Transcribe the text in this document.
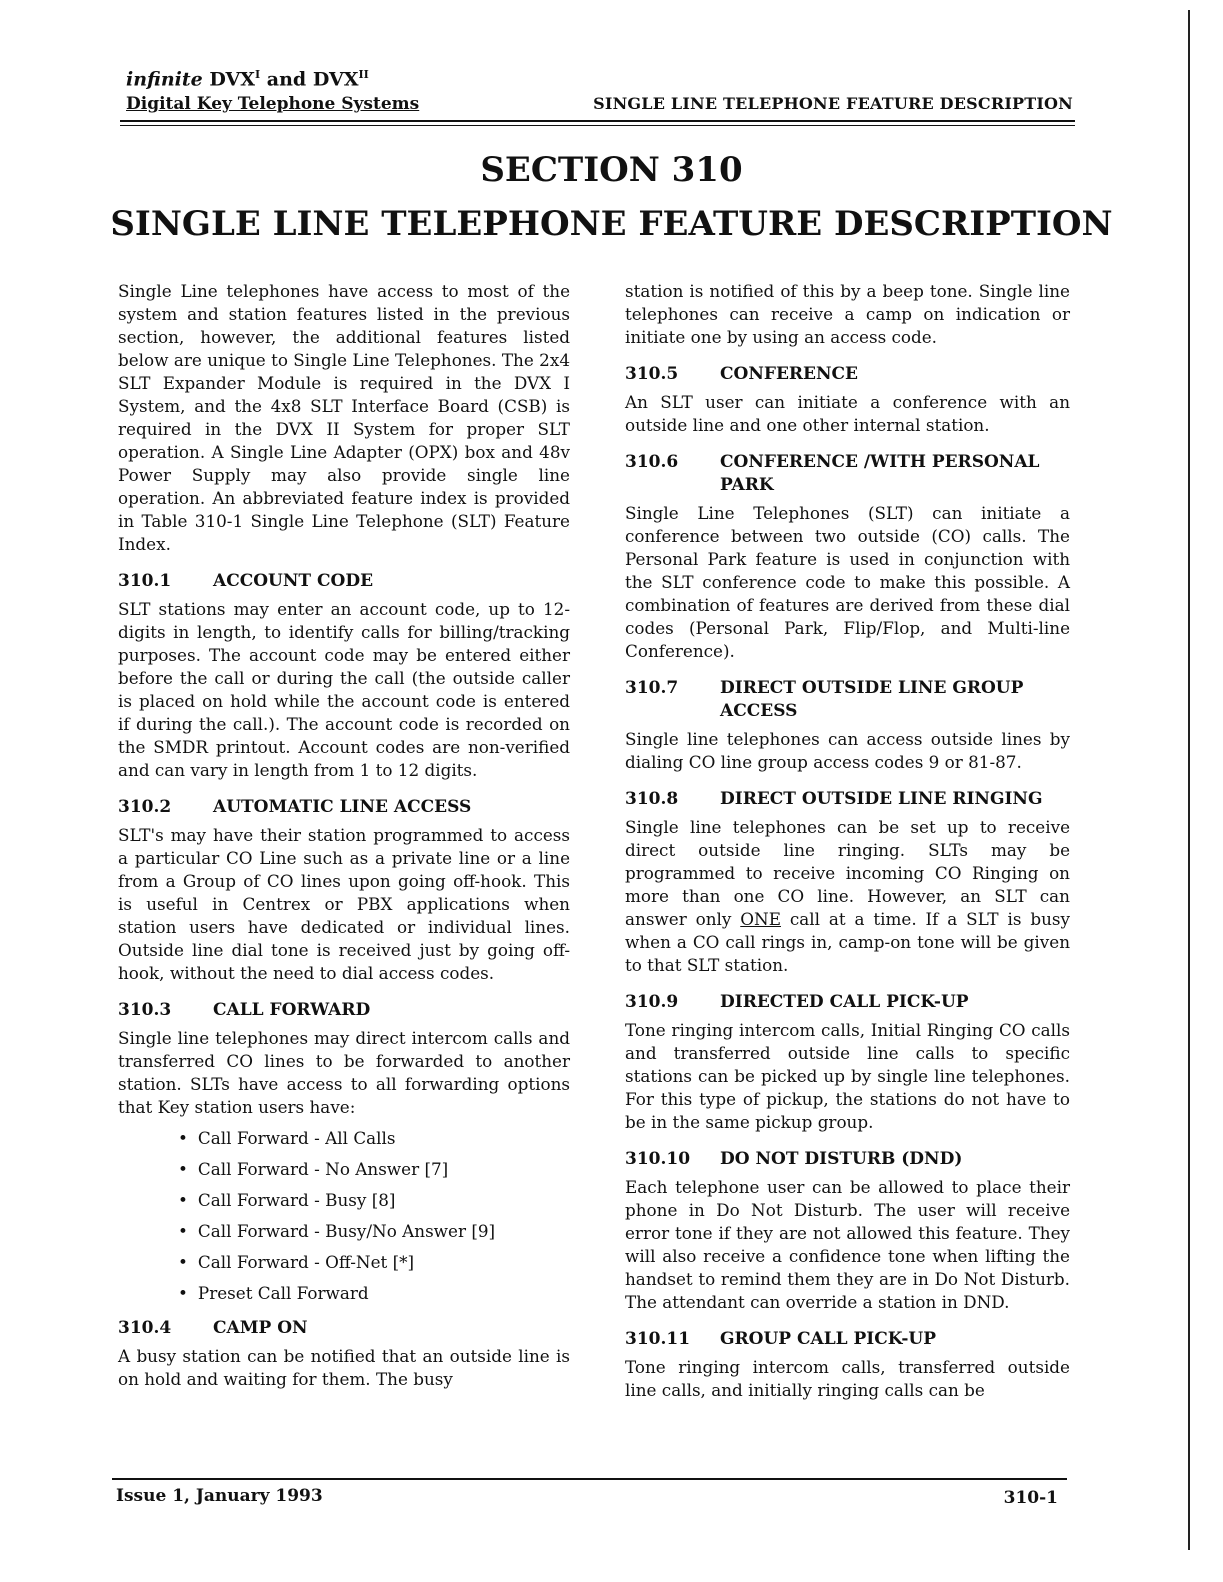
infinite $DVX^I$ and $DVX^{II}$
Digital Key Telephone Systems	SINGLE LINE TELEPHONE FEATURE DESCRIPTION
SECTION 310
SINGLE LINE TELEPHONE FEATURE DESCRIPTION

Single Line telephones have access to most of the system and station features listed in the previous section, however, the additional features listed below are unique to Single Line Telephones. The 2x4 SLT Expander Module is required in the DVX I System, and the 4x8 SLT Interface Board (CSB) is required in the DVX II System for proper SLT operation. A Single Line Adapter (OPX) box and 48v Power Supply may also provide single line operation. An abbreviated feature index is provided in Table 310-1 Single Line Telephone (SLT) Feature Index.

310.1	ACCOUNT CODE

SLT stations may enter an account code, up to 12-digits in length, to identify calls for billing/tracking purposes. The account code may be entered either before the call or during the call (the outside caller is placed on hold while the account code is entered if during the call.). The account code is recorded on the SMDR printout. Account codes are non-verified and can vary in length from 1 to 12 digits.

310.2	AUTOMATIC LINE ACCESS

SLT's may have their station programmed to access a particular CO Line such as a private line or a line from a Group of CO lines upon going off-hook. This is useful in Centrex or PBX applications when station users have dedicated or individual lines. Outside line dial tone is received just by going off-hook, without the need to dial access codes.

310.3	CALL FORWARD

Single line telephones may direct intercom calls and transferred CO lines to be forwarded to another station. SLTs have access to all forwarding options that Key station users have:

• Call Forward - All Calls
• Call Forward - No Answer [7]
• Call Forward - Busy [8]
• Call Forward - Busy/No Answer [9]
• Call Forward - Off-Net [*]
• Preset Call Forward
310.4	CAMP ON

A busy station can be notified that an outside line is on hold and waiting for them. The busy

station is notified of this by a beep tone. Single line telephones can receive a camp on indication or initiate one by using an access code.

310.5	CONFERENCE

An SLT user can initiate a conference with an outside line and one other internal station.

310.6	CONFERENCE /WITH PERSONAL PARK

Single Line Telephones (SLT) can initiate a conference between two outside (CO) calls. The Personal Park feature is used in conjunction with the SLT conference code to make this possible. A combination of features are derived from these dial codes (Personal Park, Flip/Flop, and Multi-line Conference).

310.7	DIRECT OUTSIDE LINE GROUP ACCESS

Single line telephones can access outside lines by dialing CO line group access codes 9 or 81-87.

310.8	DIRECT OUTSIDE LINE RINGING

Single line telephones can be set up to receive direct outside line ringing. SLTs may be programmed to receive incoming CO Ringing on more than one CO line. However, an SLT can answer only ONE call at a time. If a SLT is busy when a CO call rings in, camp-on tone will be given to that SLT station.

310.9	DIRECTED CALL PICK-UP

Tone ringing intercom calls, Initial Ringing CO calls and transferred outside line calls to specific stations can be picked up by single line telephones. For this type of pickup, the stations do not have to be in the same pickup group.

310.10	DO NOT DISTURB (DND)

Each telephone user can be allowed to place their phone in Do Not Disturb. The user will receive error tone if they are not allowed this feature. They will also receive a confidence tone when lifting the handset to remind them they are in Do Not Disturb. The attendant can override a station in DND.

310.11	GROUP CALL PICK-UP

Tone ringing intercom calls, transferred outside line calls, and initially ringing calls can be

Issue 1, January 1993	310-1
